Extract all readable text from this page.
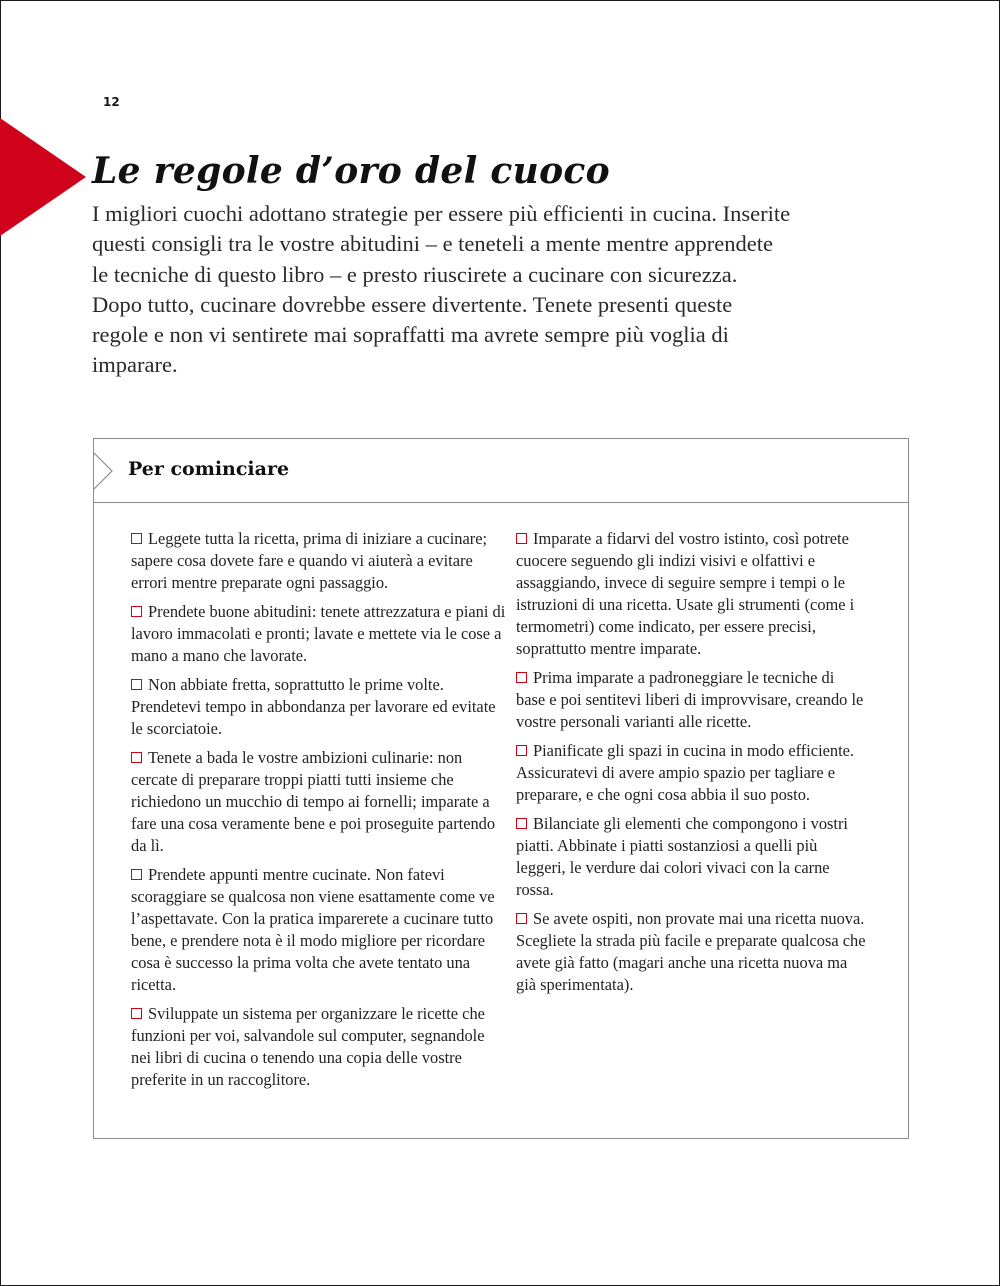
12
Le regole d’oro del cuoco

I migliori cuochi adottano strategie per essere più efficienti in cucina. Inserite questi consigli tra le vostre abitudini – e teneteli a mente mentre apprendete le tecniche di questo libro – e presto riuscirete a cucinare con sicurezza. Dopo tutto, cucinare dovrebbe essere divertente. Tenete presenti queste regole e non vi sentirete mai sopraffatti ma avrete sempre più voglia di imparare.

Per cominciare

Leggete tutta la ricetta, prima di iniziare a cucinare; sapere cosa dovete fare e quando vi aiuterà a evitare errori mentre preparate ogni passaggio.

Prendete buone abitudini: tenete attrezzatura e piani di lavoro immacolati e pronti; lavate e mettete via le cose a mano a mano che lavorate.

Non abbiate fretta, soprattutto le prime volte. Prendetevi tempo in abbondanza per lavorare ed evitate le scorciatoie.

Tenete a bada le vostre ambizioni culinarie: non cercate di preparare troppi piatti tutti insieme che richiedono un mucchio di tempo ai fornelli; imparate a fare una cosa veramente bene e poi proseguite partendo da lì.

Prendete appunti mentre cucinate. Non fatevi scoraggiare se qualcosa non viene esattamente come ve l’aspettavate. Con la pratica imparerete a cucinare tutto bene, e prendere nota è il modo migliore per ricordare cosa è successo la prima volta che avete tentato una ricetta.

Sviluppate un sistema per organizzare le ricette che funzioni per voi, salvandole sul computer, segnandole nei libri di cucina o tenendo una copia delle vostre preferite in un raccoglitore.

Imparate a fidarvi del vostro istinto, così potrete cuocere seguendo gli indizi visivi e olfattivi e assaggiando, invece di seguire sempre i tempi o le istruzioni di una ricetta. Usate gli strumenti (come i termometri) come indicato, per essere precisi, soprattutto mentre imparate.

Prima imparate a padroneggiare le tecniche di base e poi sentitevi liberi di improvvisare, creando le vostre personali varianti alle ricette.

Pianificate gli spazi in cucina in modo efficiente. Assicuratevi di avere ampio spazio per tagliare e preparare, e che ogni cosa abbia il suo posto.

Bilanciate gli elementi che compongono i vostri piatti. Abbinate i piatti sostanziosi a quelli più leggeri, le verdure dai colori vivaci con la carne rossa.

Se avete ospiti, non provate mai una ricetta nuova. Scegliete la strada più facile e preparate qualcosa che avete già fatto (magari anche una ricetta nuova ma già sperimentata).
